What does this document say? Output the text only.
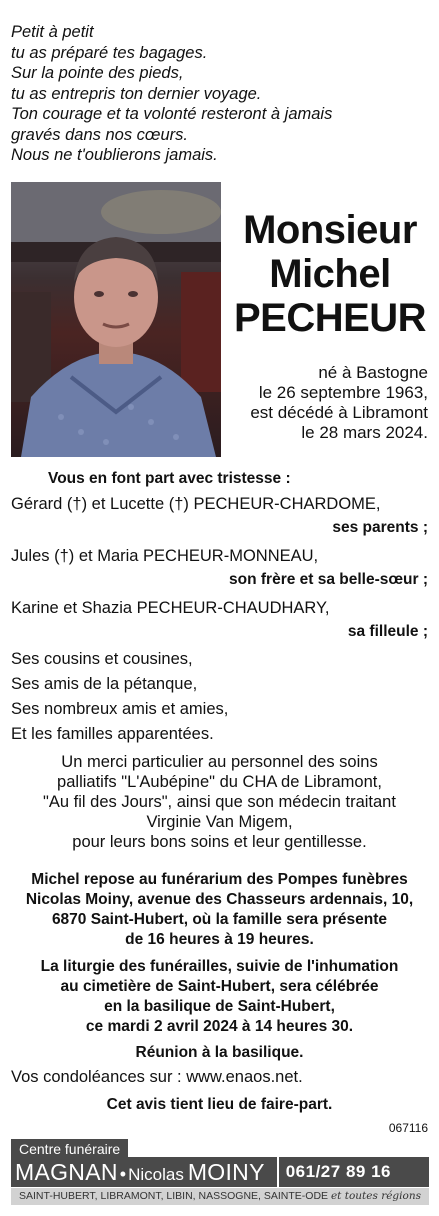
Petit à petit
tu as préparé tes bagages.
Sur la pointe des pieds,
tu as entrepris ton dernier voyage.
Ton courage et ta volonté resteront à jamais
gravés dans nos cœurs.
Nous ne t'oublierons jamais.
Monsieur
Michel
PECHEUR
né à Bastogne
le 26 septembre 1963,
est décédé à Libramont
le 28 mars 2024.
Vous en font part avec tristesse :
Gérard (†) et Lucette (†) PECHEUR-CHARDOME,
ses parents ;
Jules (†) et Maria PECHEUR-MONNEAU,
son frère et sa belle-sœur ;
Karine et Shazia PECHEUR-CHAUDHARY,
sa filleule ;
Ses cousins et cousines,
Ses amis de la pétanque,
Ses nombreux amis et amies,
Et les familles apparentées.
Un merci particulier au personnel des soins
palliatifs "L'Aubépine" du CHA de Libramont,
"Au fil des Jours", ainsi que son médecin traitant
Virginie Van Migem,
pour leurs bons soins et leur gentillesse.
Michel repose au funérarium des Pompes funèbres
Nicolas Moiny, avenue des Chasseurs ardennais, 10,
6870 Saint-Hubert, où la famille sera présente
de 16 heures à 19 heures.
La liturgie des funérailles, suivie de l'inhumation
au cimetière de Saint-Hubert, sera célébrée
en la basilique de Saint-Hubert,
ce mardi 2 avril 2024 à 14 heures 30.
Réunion à la basilique.
Vos condoléances sur : www.enaos.net.
Cet avis tient lieu de faire-part.
067116
Centre funéraire
MAGNAN • Nicolas MOINY 061/27 89 16
SAINT-HUBERT, LIBRAMONT, LIBIN, NASSOGNE, SAINTE-ODE et toutes régions
